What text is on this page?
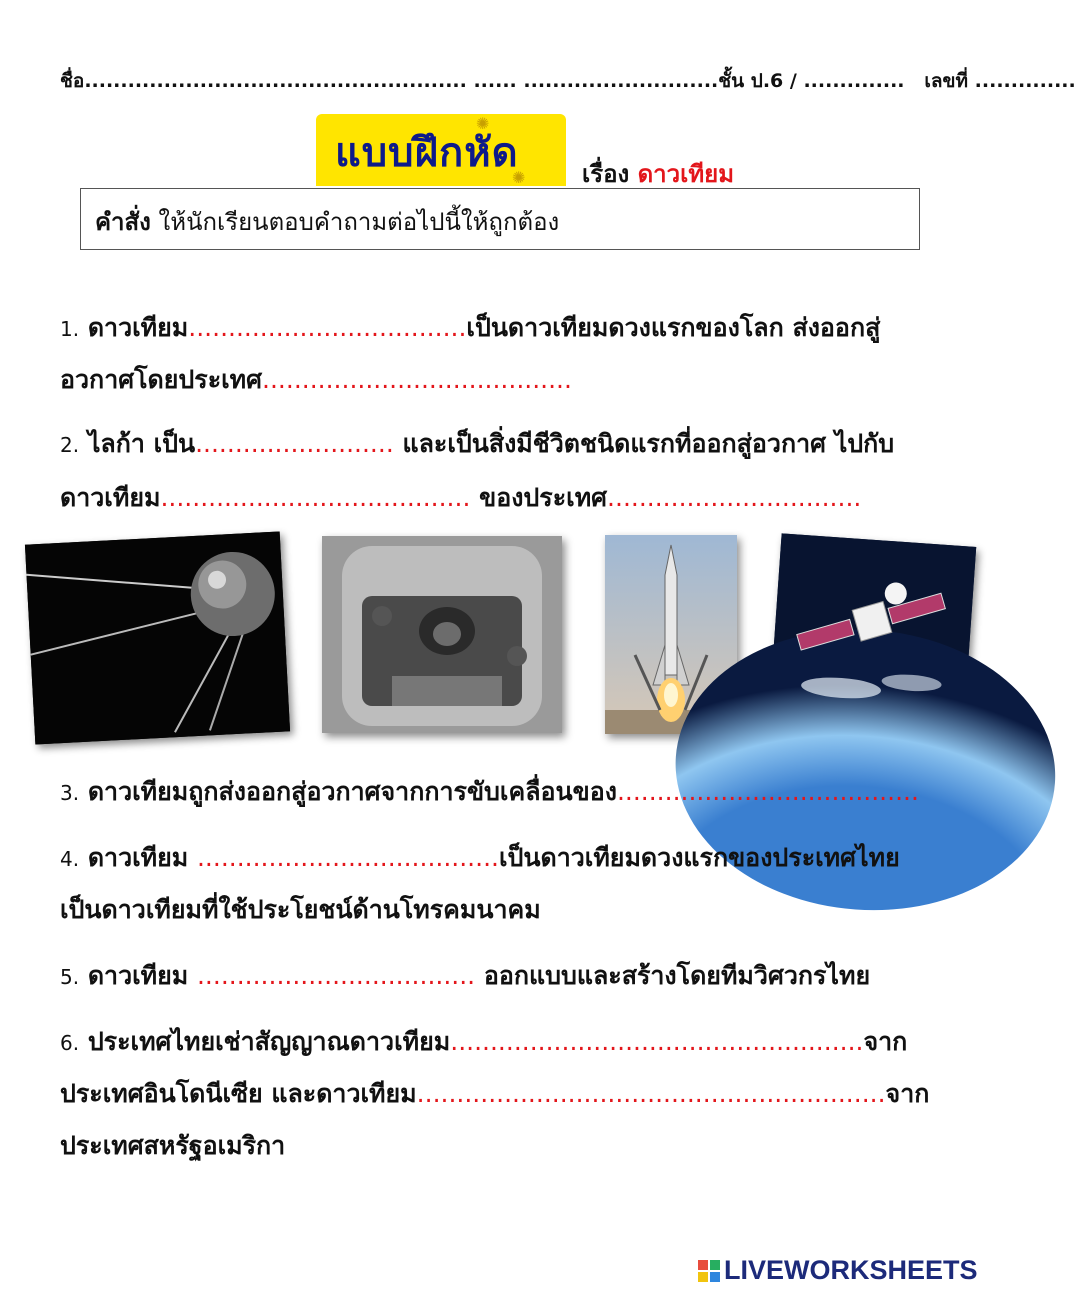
ชื่อ..................................................... ...... ...........................ชั้น ป.6 / .............. เลขที่ ..............
✺
✺
แบบฝึกหัด	เรื่อง ดาวเทียม
คำสั่ง ให้นักเรียนตอบคำถามต่อไปนี้ให้ถูกต้อง
1. ดาวเทียม...................................เป็นดาวเทียมดวงแรกของโลก ส่งออกสู่
อวกาศโดยประเทศ.......................................
2. ไลก้า เป็น......................... และเป็นสิ่งมีชีวิตชนิดแรกที่ออกสู่อวกาศ ไปกับ
ดาวเทียม....................................... ของประเทศ................................
3. ดาวเทียมถูกส่งออกสู่อวกาศจากการขับเคลื่อนของ......................................
4. ดาวเทียม ......................................เป็นดาวเทียมดวงแรกของประเทศไทย
เป็นดาวเทียมที่ใช้ประโยชน์ด้านโทรคมนาคม
5. ดาวเทียม ................................... ออกแบบและสร้างโดยทีมวิศวกรไทย
6. ประเทศไทยเช่าสัญญาณดาวเทียม....................................................จาก
ประเทศอินโดนีเซีย และดาวเทียม...........................................................จาก
ประเทศสหรัฐอเมริกา
LIVEWORKSHEETS
